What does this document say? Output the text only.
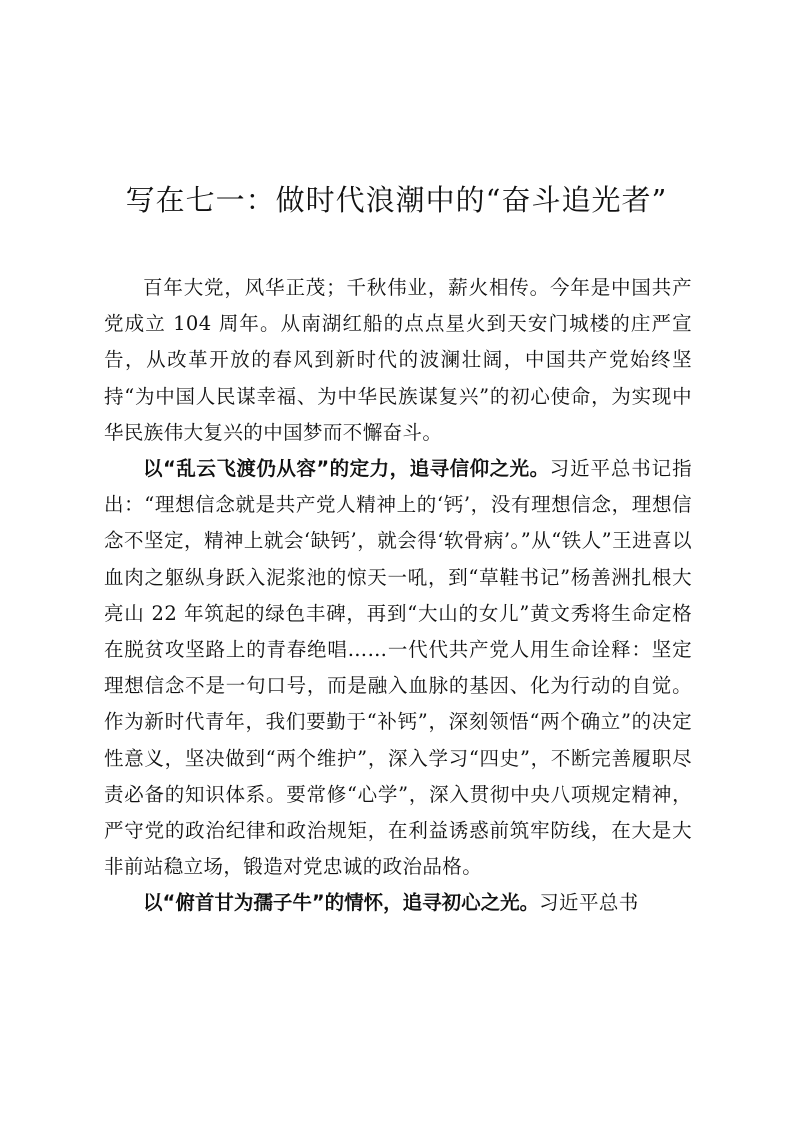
写在七一：做时代浪潮中的“奋斗追光者”

百年大党，风华正茂；千秋伟业，薪火相传。今年是中国共产党成立 104 周年。从南湖红船的点点星火到天安门城楼的庄严宣告，从改革开放的春风到新时代的波澜壮阔，中国共产党始终坚持“为中国人民谋幸福、为中华民族谋复兴”的初心使命，为实现中华民族伟大复兴的中国梦而不懈奋斗。

以“乱云飞渡仍从容”的定力，追寻信仰之光。习近平总书记指出：“理想信念就是共产党人精神上的‘钙’，没有理想信念，理想信念不坚定，精神上就会‘缺钙’，就会得‘软骨病’。”从“铁人”王进喜以血肉之躯纵身跃入泥浆池的惊天一吼，到“草鞋书记”杨善洲扎根大亮山 22 年筑起的绿色丰碑，再到“大山的女儿”黄文秀将生命定格在脱贫攻坚路上的青春绝唱……一代代共产党人用生命诠释：坚定理想信念不是一句口号，而是融入血脉的基因、化为行动的自觉。作为新时代青年，我们要勤于“补钙”，深刻领悟“两个确立”的决定性意义，坚决做到“两个维护”，深入学习“四史”，不断完善履职尽责必备的知识体系。要常修“心学”，深入贯彻中央八项规定精神，严守党的政治纪律和政治规矩，在利益诱惑前筑牢防线，在大是大非前站稳立场，锻造对党忠诚的政治品格。

以“俯首甘为孺子牛”的情怀，追寻初心之光。习近平总书
